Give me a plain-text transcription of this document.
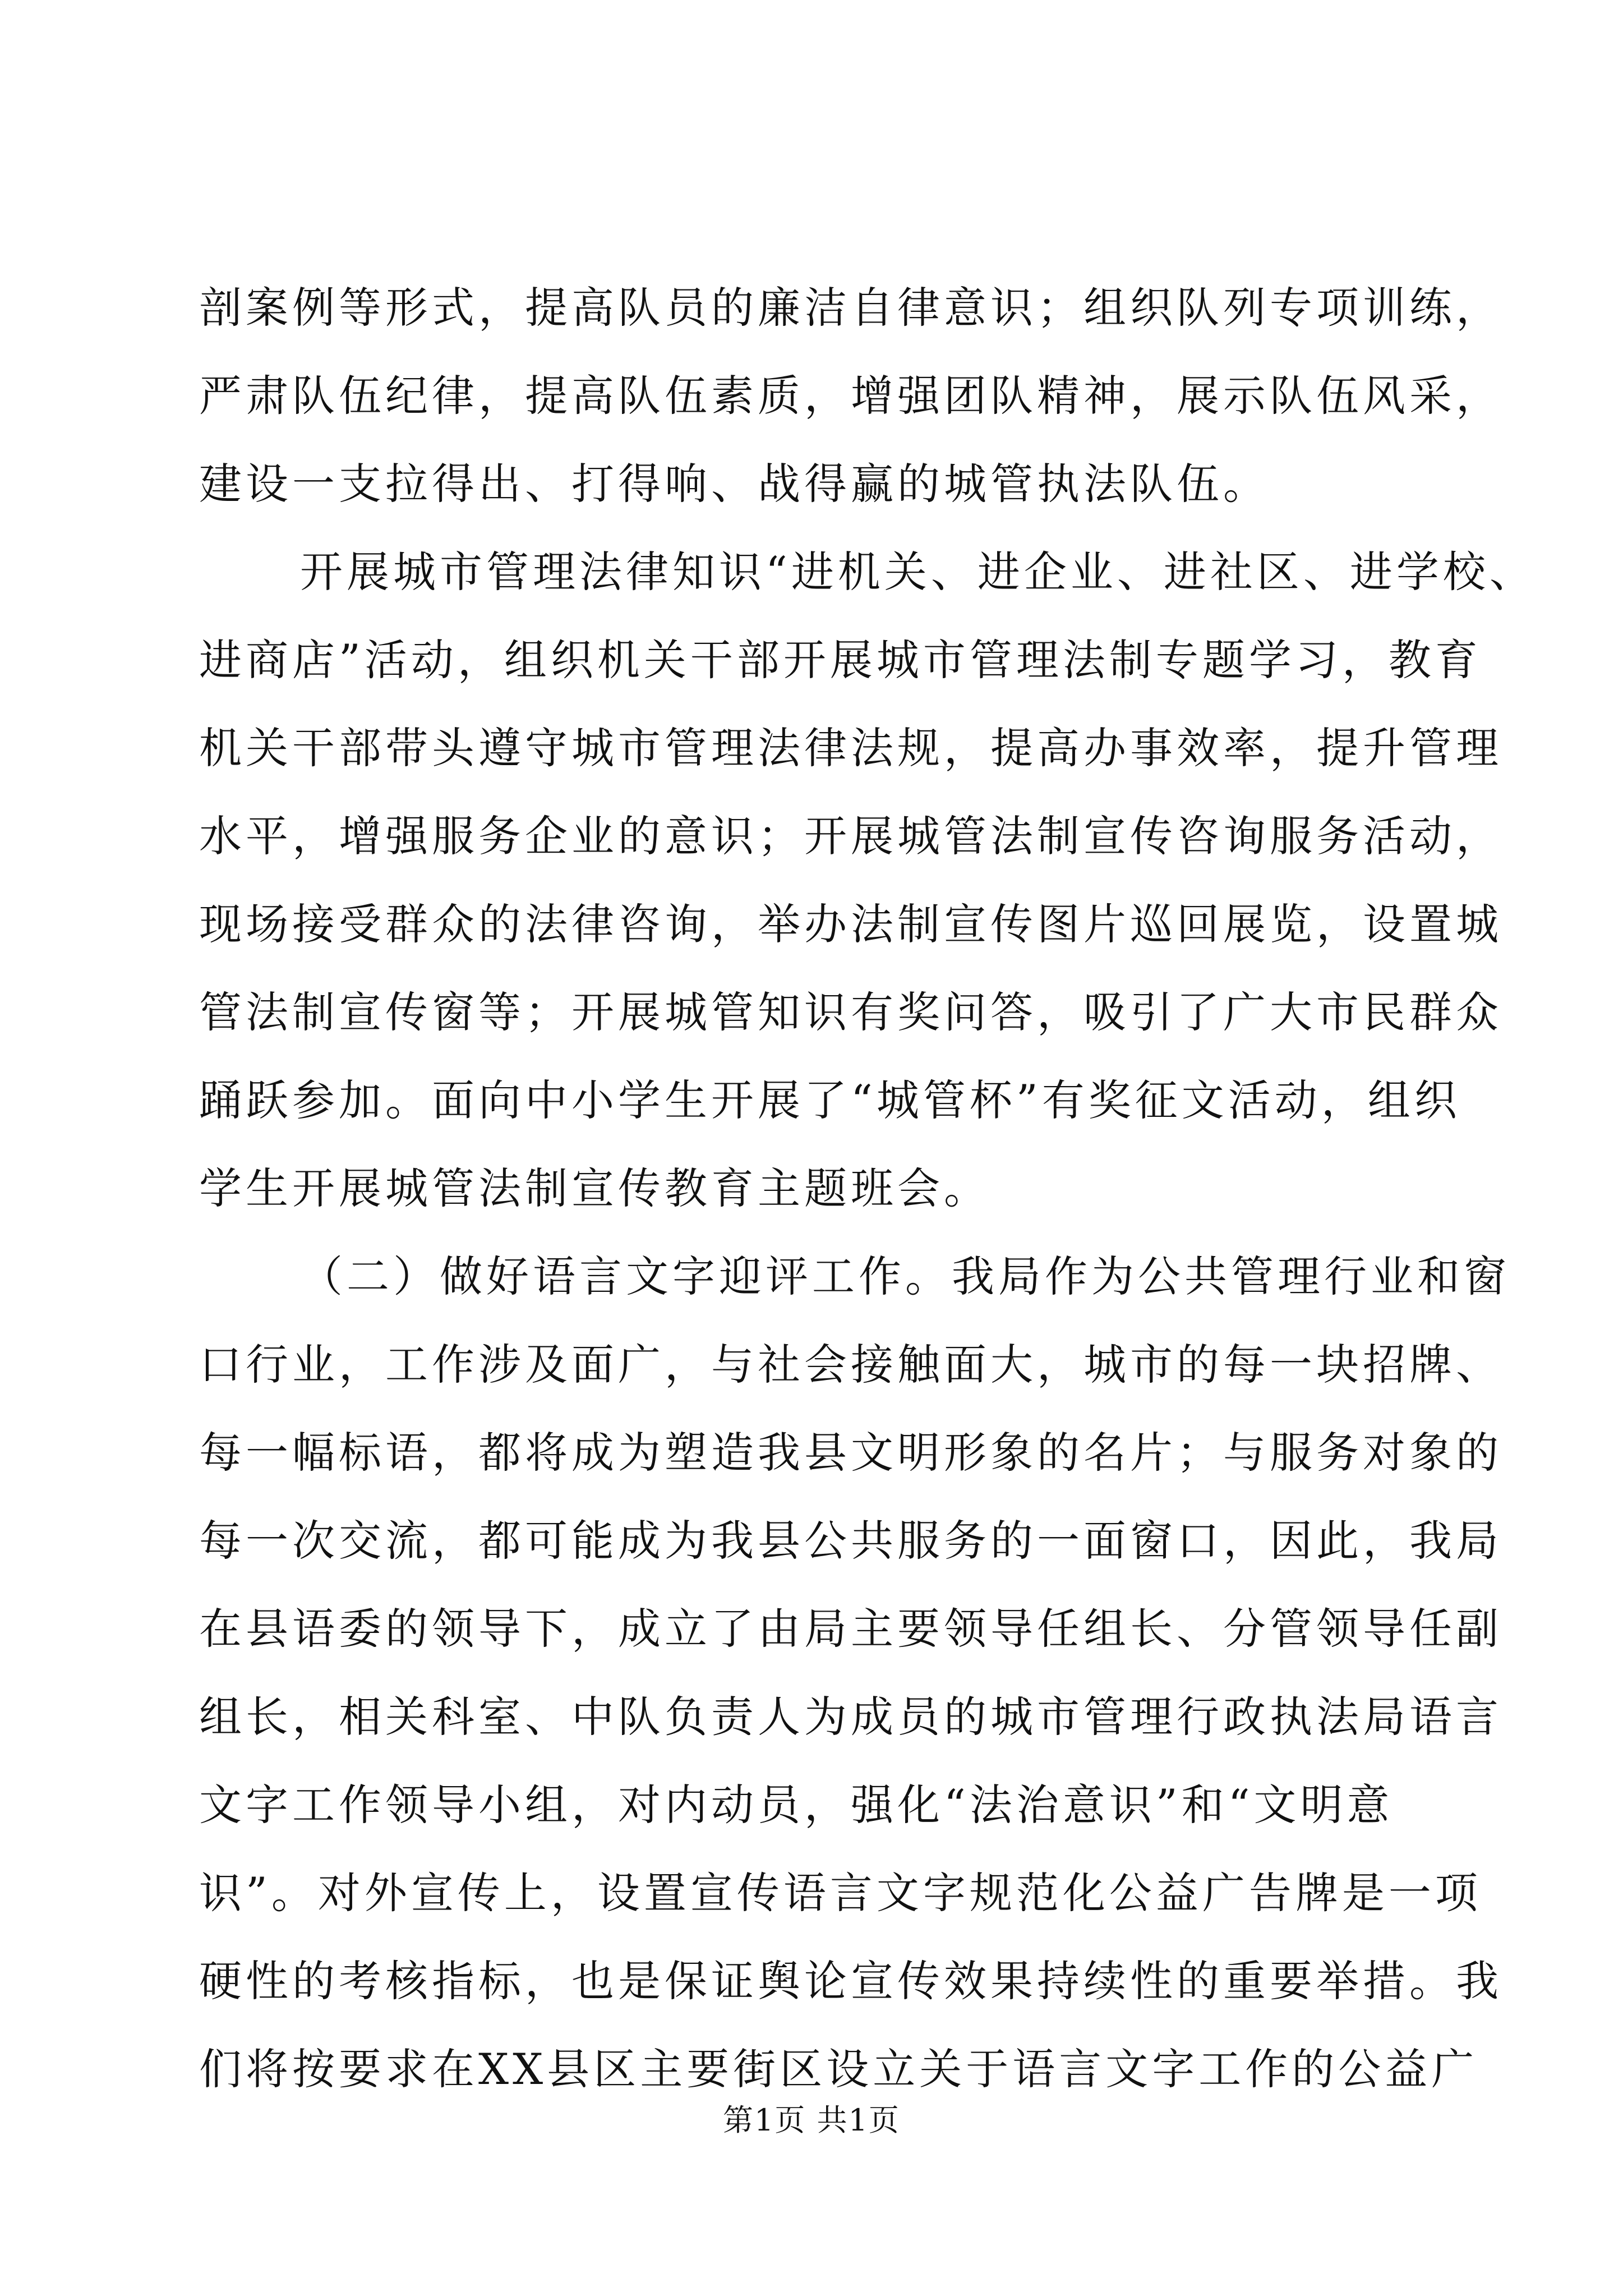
剖案例等形式，提高队员的廉洁自律意识；组织队列专项训练，
严肃队伍纪律，提高队伍素质，增强团队精神，展示队伍风采，
建设一支拉得出、打得响、战得赢的城管执法队伍。
开展城市管理法律知识“进机关、进企业、进社区、进学校、
进商店”活动，组织机关干部开展城市管理法制专题学习，教育
机关干部带头遵守城市管理法律法规，提高办事效率，提升管理
水平，增强服务企业的意识；开展城管法制宣传咨询服务活动，
现场接受群众的法律咨询，举办法制宣传图片巡回展览，设置城
管法制宣传窗等；开展城管知识有奖问答，吸引了广大市民群众
踊跃参加。面向中小学生开展了“城管杯”有奖征文活动，组织
学生开展城管法制宣传教育主题班会。
（二）做好语言文字迎评工作。我局作为公共管理行业和窗
口行业，工作涉及面广，与社会接触面大，城市的每一块招牌、
每一幅标语，都将成为塑造我县文明形象的名片；与服务对象的
每一次交流，都可能成为我县公共服务的一面窗口，因此，我局
在县语委的领导下，成立了由局主要领导任组长、分管领导任副
组长，相关科室、中队负责人为成员的城市管理行政执法局语言
文字工作领导小组，对内动员，强化“法治意识”和“文明意
识”。对外宣传上，设置宣传语言文字规范化公益广告牌是一项
硬性的考核指标，也是保证舆论宣传效果持续性的重要举措。我
们将按要求在XX县区主要街区设立关于语言文字工作的公益广
第1页 共1页
